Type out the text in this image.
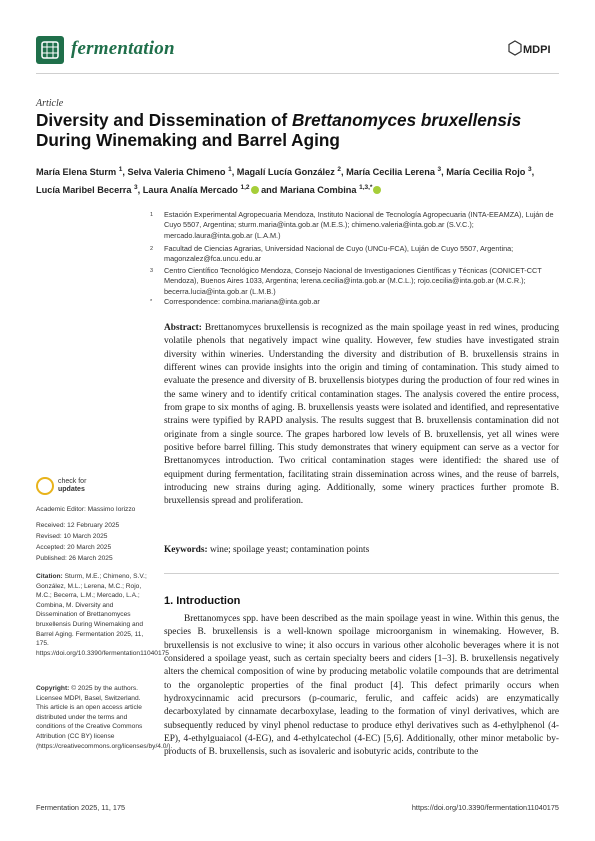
fermentation	MDPI
Article
Diversity and Dissemination of Brettanomyces bruxellensis
During Winemaking and Barrel Aging
María Elena Sturm $^1$, Selva Valeria Chimeno $^1$, Magalí Lucía González $^2$, María Cecilia Lerena $^3$, María Cecilia Rojo $^3$,
Lucía Maribel Becerra $^3$, Laura Analía Mercado $^{1,2}$ and Mariana Combina $^{1,3,*}$
1 Estación Experimental Agropecuaria Mendoza, Instituto Nacional de Tecnología Agropecuaria (INTA-EEAMZA), Luján de Cuyo 5507, Argentina; sturm.maria@inta.gob.ar (M.E.S.); chimeno.valeria@inta.gob.ar (S.V.C.); mercado.laura@inta.gob.ar (L.A.M.)
2 Facultad de Ciencias Agrarias, Universidad Nacional de Cuyo (UNCu-FCA), Luján de Cuyo 5507, Argentina; magonzalez@fca.uncu.edu.ar
3 Centro Científico Tecnológico Mendoza, Consejo Nacional de Investigaciones Científicas y Técnicas (CONICET-CCT Mendoza), Buenos Aires 1033, Argentina; lerena.cecilia@inta.gob.ar (M.C.L.); rojo.cecilia@inta.gob.ar (M.C.R.); becerra.lucia@inta.gob.ar (L.M.B.)
* Correspondence: combina.mariana@inta.gob.ar
Abstract: Brettanomyces bruxellensis is recognized as the main spoilage yeast in red wines, producing volatile phenols that negatively impact wine quality. However, few studies have investigated strain diversity within wineries. Understanding the diversity and distribution of B. bruxellensis strains in different wines can provide insights into the origin and timing of contamination. This study aimed to evaluate the presence and diversity of B. bruxellensis biotypes during the production of four red wines in the same winery and to identify critical contamination stages. The analysis covered the entire process, from grape to six months of aging. B. bruxellensis yeasts were isolated and identified, and representative strains were typified by RAPD analysis. The results suggest that B. bruxellensis contamination did not originate from a single source. The grapes harbored low levels of B. bruxellensis, yet all wines were positive before barrel filling. This study demonstrates that winery equipment can serve as a vector for Brettanomyces introduction. Two critical contamination stages were identified: the shared use of equipment during fermentation, facilitating strain dissemination across wines, and the reuse of barrels, introducing new strains during aging. Additionally, some winery practices further promote B. bruxellensis spread and proliferation.
Keywords: wine; spoilage yeast; contamination points
check for
updates
Academic Editor: Massimo Iorizzo
Received: 12 February 2025
Revised: 10 March 2025
Accepted: 20 March 2025
Published: 26 March 2025
Citation: Sturm, M.E.; Chimeno, S.V.; González, M.L.; Lerena, M.C.; Rojo, M.C.; Becerra, L.M.; Mercado, L.A.; Combina, M. Diversity and Dissemination of Brettanomyces bruxellensis During Winemaking and Barrel Aging. Fermentation 2025, 11, 175. https://doi.org/10.3390/fermentation11040175
Copyright: © 2025 by the authors. Licensee MDPI, Basel, Switzerland. This article is an open access article distributed under the terms and conditions of the Creative Commons Attribution (CC BY) license (https://creativecommons.org/licenses/by/4.0/).
1. Introduction

Brettanomyces spp. have been described as the main spoilage yeast in wine. Within this genus, the species B. bruxellensis is a well-known spoilage microorganism in winemaking. However, B. bruxellensis is not exclusive to wine; it also occurs in various other alcoholic beverages where it is not considered a spoilage yeast, such as certain specialty beers and ciders [1–3]. B. bruxellensis negatively alters the chemical composition of wine by producing metabolic volatile compounds that are detrimental to the organoleptic properties of the final product [4]. This defect primarily occurs when hydroxycinnamic acid precursors (p-coumaric, ferulic, and caffeic acids) are enzymatically decarboxylated by cinnamate decarboxylase, leading to the formation of vinyl derivatives, which are subsequently reduced by vinyl phenol reductase to produce ethyl derivatives such as 4-ethylphenol (4-EP), 4-ethylguaiacol (4-EG), and 4-ethylcatechol (4-EC) [5,6]. Additionally, other minor metabolic by-products of B. bruxellensis, such as isovaleric and isobutyric acids, contribute to the

Fermentation 2025, 11, 175	https://doi.org/10.3390/fermentation11040175
